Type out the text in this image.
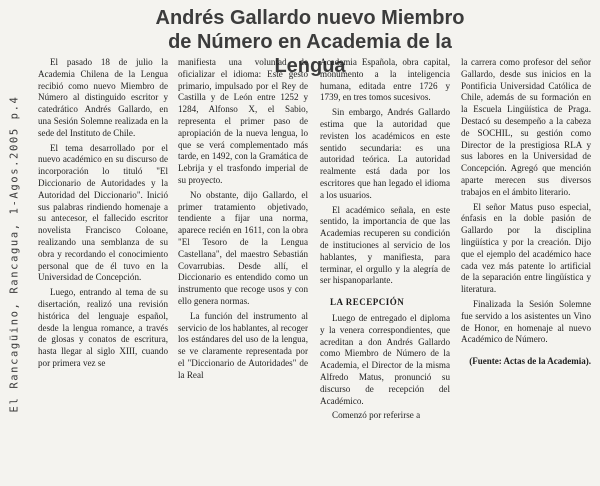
El Rancagüino, Rancagua, 1-Agos.2005 p.4
Andrés Gallardo nuevo Miembro de Número en Academia de la Lengua

El pasado 18 de julio la Academia Chilena de la Lengua recibió como nuevo Miembro de Número al distinguido escritor y catedrático Andrés Gallardo, en una Sesión Solemne realizada en la sede del Instituto de Chile.

El tema desarrollado por el nuevo académico en su discurso de incorporación lo tituló "El Diccionario de Autoridades y la Autoridad del Diccionario". Inició sus palabras rindiendo homenaje a su antecesor, el fallecido escritor novelista Francisco Coloane, realizando una semblanza de su obra y recordando el conocimiento personal que de él tuvo en la Universidad de Concepción.

Luego, entrando al tema de su disertación, realizó una revisión histórica del lenguaje español, desde la lengua romance, a través de glosas y conatos de escritura, hasta llegar al siglo XIII, cuando por primera vez se

manifiesta una voluntad de oficializar el idioma: Este gesto primario, impulsado por el Rey de Castilla y de León entre 1252 y 1284, Alfonso X, el Sabio, representa el primer paso de apropiación de la nueva lengua, lo que se verá complementado más tarde, en 1492, con la Gramática de Lebrija y el trasfondo imperial de su proyecto.

No obstante, dijo Gallardo, el primer tratamiento objetivado, tendiente a fijar una norma, aparece recién en 1611, con la obra "El Tesoro de la Lengua Castellana", del maestro Sebastián Covarrubias. Desde allí, el Diccionario es entendido como un instrumento que recoge usos y con ello genera normas.

La función del instrumento al servicio de los hablantes, al recoger los estándares del uso de la lengua, se ve claramente representada por el "Diccionario de Autoridades" de la Real

Academia Española, obra capital, monumento a la inteligencia humana, editada entre 1726 y 1739, en tres tomos sucesivos.

Sin embargo, Andrés Gallardo estima que la autoridad que revisten los académicos en este sentido secundaria: es una autoridad teórica. La autoridad realmente está dada por los escritores que han legado el idioma a los usuarios.

El académico señala, en este sentido, la importancia de que las Academias recuperen su condición de instituciones al servicio de los hablantes, y manifiesta, para terminar, el orgullo y la alegría de ser hispanoparlante.

LA RECEPCIÓN

Luego de entregado el diploma y la venera correspondientes, que acreditan a don Andrés Gallardo como Miembro de Número de la Academia, el Director de la misma Alfredo Matus, pronunció su discurso de recepción del Académico.

Comenzó por referirse a

la carrera como profesor del señor Gallardo, desde sus inicios en la Pontificia Universidad Católica de Chile, además de su formación en la Escuela Lingüística de Praga. Destacó su desempeño a la cabeza de SOCHIL, su gestión como Director de la prestigiosa RLA y sus labores en la Universidad de Concepción. Agregó que mención aparte merecen sus diversos trabajos en el ámbito literario.

El señor Matus puso especial, énfasis en la doble pasión de Gallardo por la disciplina lingüística y por la creación. Dijo que el ejemplo del académico hace cada vez más patente lo artificial de la separación entre lingüística y literatura.

Finalizada la Sesión Solemne fue servido a los asistentes un Vino de Honor, en homenaje al nuevo Académico de Número.

(Fuente: Actas de la Academia).
